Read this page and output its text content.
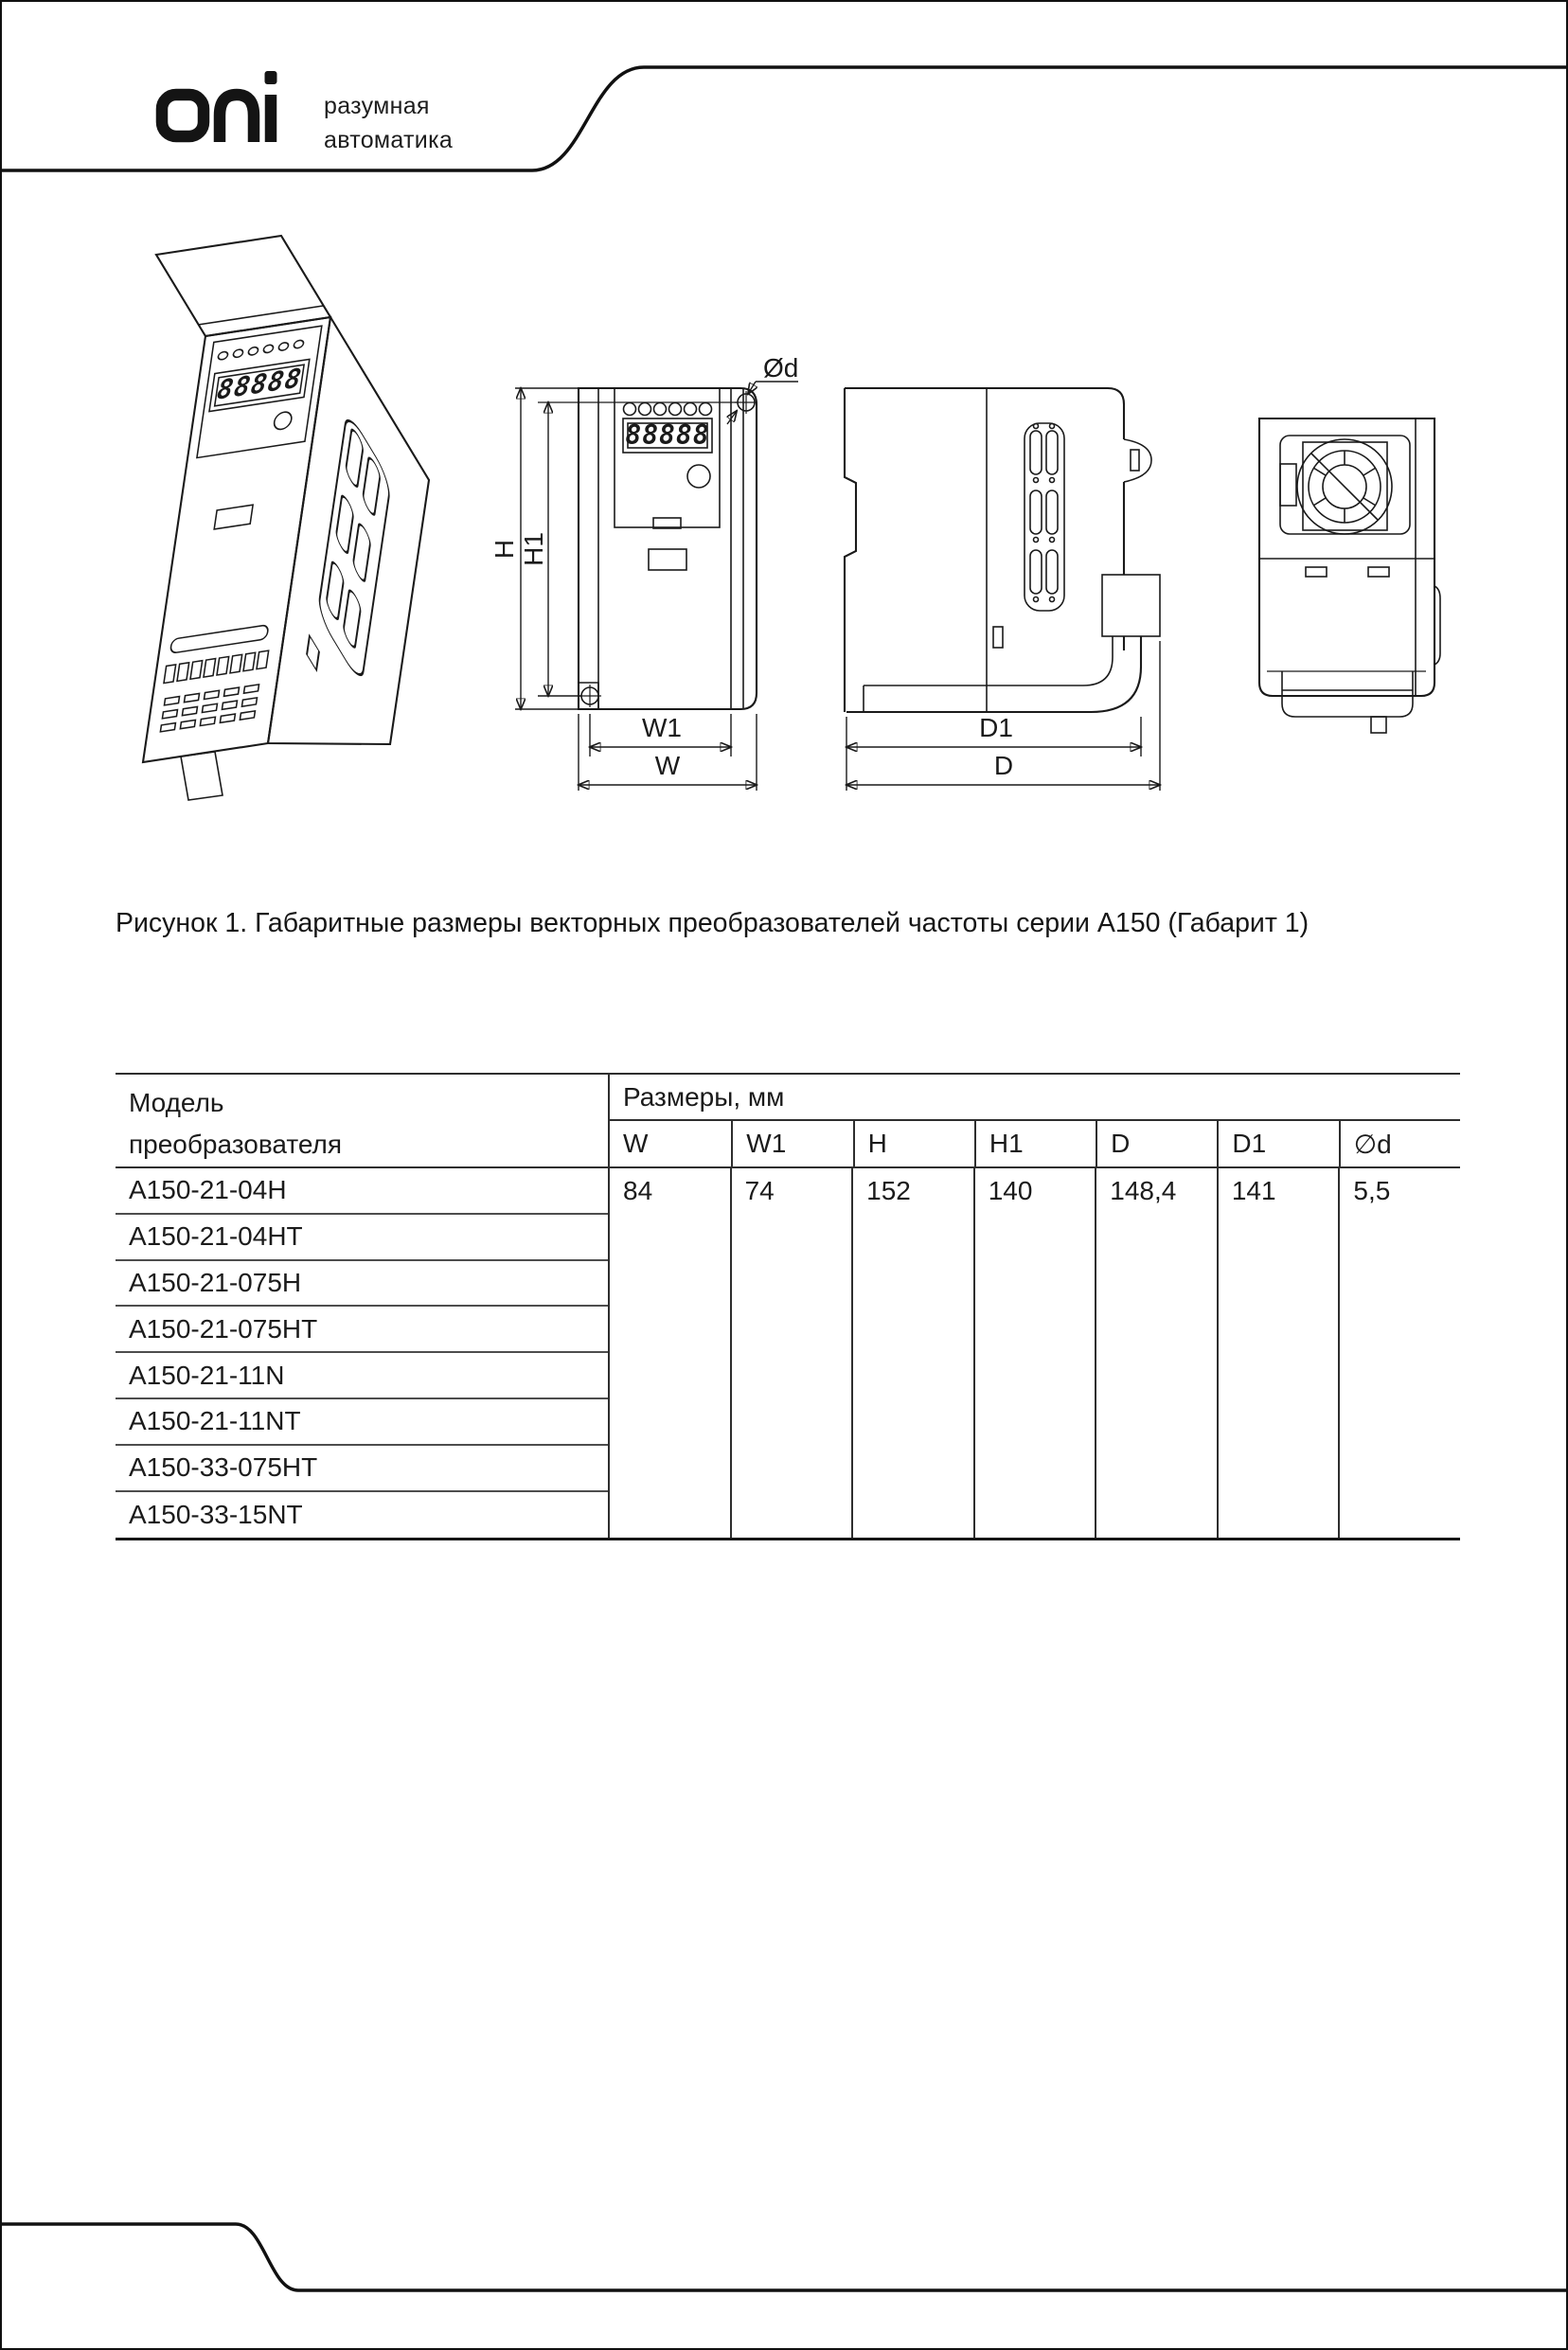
разумная
автоматика
88888
88888
Ød
H H1
W1
W
D1
D
Рисунок 1. Габаритные размеры векторных преобразователей частоты серии А150 (Габарит 1)
Модель
преобразователя
Размеры, мм
W	W1	H	H1	D	D1	∅d
A150-21-04H	84	74	152	140	148,4	141	5,5
A150-21-04HT
A150-21-075H
A150-21-075HT
A150-21-11N
A150-21-11NT
A150-33-075HT
A150-33-15NT
